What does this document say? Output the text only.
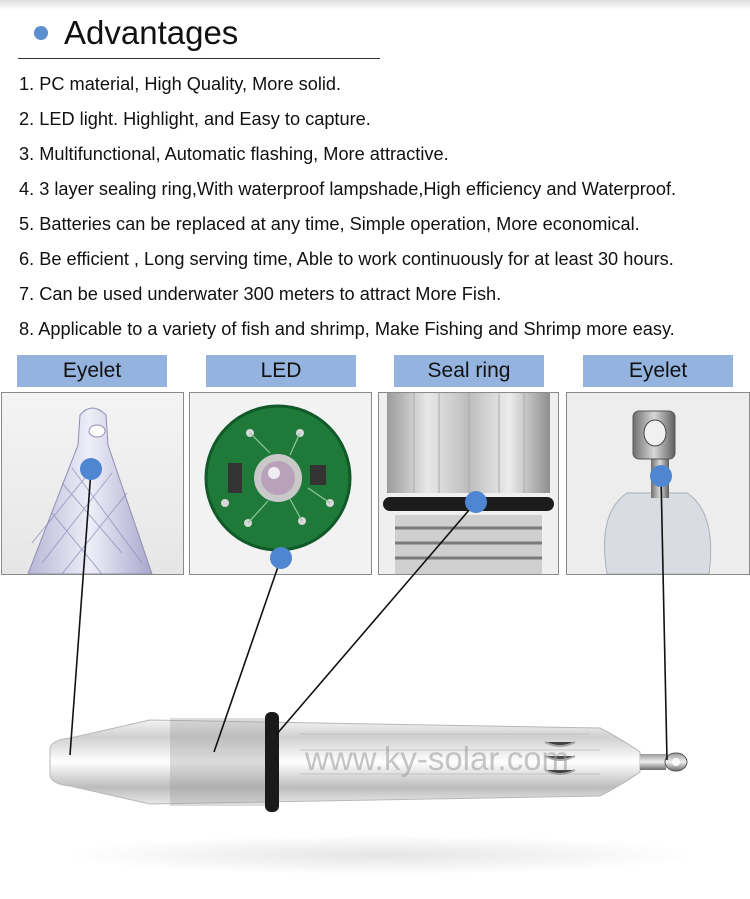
Advantages
1. PC material, High Quality, More solid.
2. LED light. Highlight, and Easy to capture.
3. Multifunctional, Automatic flashing, More attractive.
4. 3 layer sealing ring,With waterproof lampshade,High efficiency and Waterproof.
5. Batteries can be replaced at any time, Simple operation, More economical.
6. Be efficient , Long serving time, Able to work continuously for at least 30 hours.
7. Can be used underwater 300 meters to attract More Fish.
8. Applicable to a variety of fish and shrimp, Make Fishing and Shrimp more easy.
Eyelet	LED	Seal ring	Eyelet
www.ky-solar.com
